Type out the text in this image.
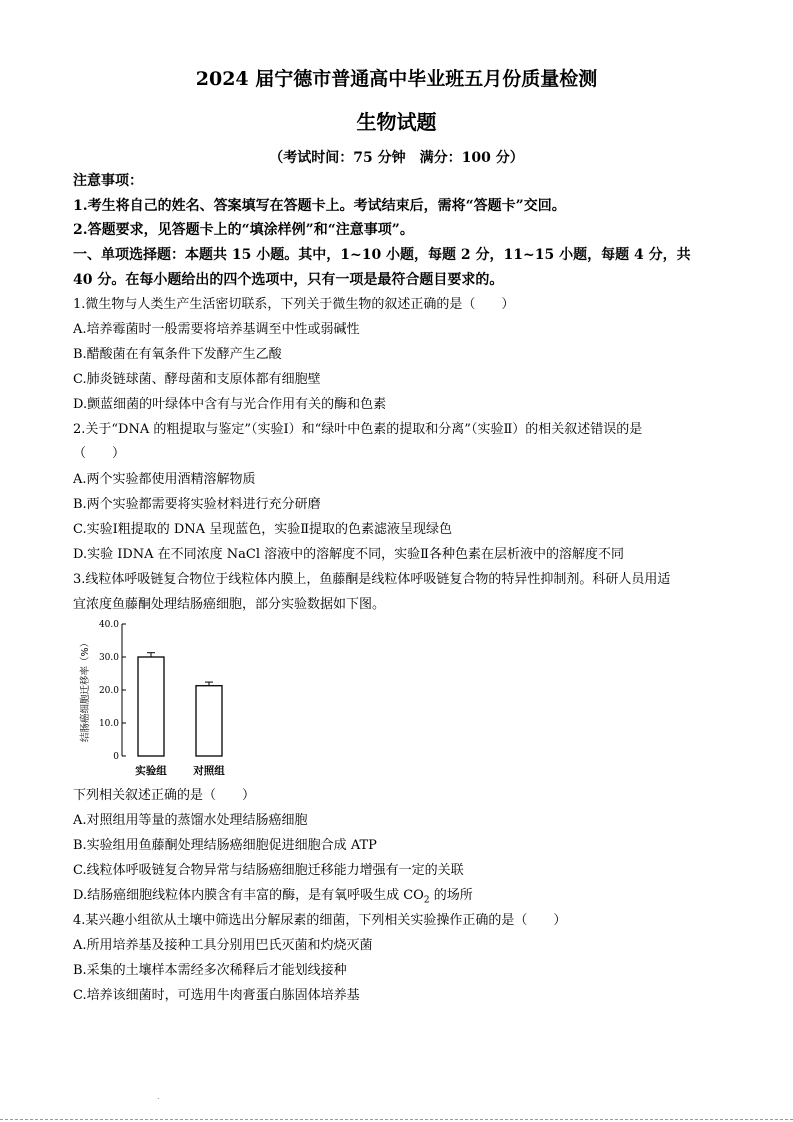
2024 届宁德市普通高中毕业班五月份质量检测
生物试题
（考试时间：75 分钟　满分：100 分）
注意事项：
1.考生将自己的姓名、答案填写在答题卡上。考试结束后，需将“答题卡”交回。
2.答题要求，见答题卡上的“填涂样例”和“注意事项”。
一、单项选择题：本题共 15 小题。其中，1~10 小题，每题 2 分，11~15 小题，每题 4 分，共
40 分。在每小题给出的四个选项中，只有一项是最符合题目要求的。
1.微生物与人类生产生活密切联系，下列关于微生物的叙述正确的是（　　）
A.培养霉菌时一般需要将培养基调至中性或弱碱性
B.醋酸菌在有氧条件下发酵产生乙酸
C.肺炎链球菌、酵母菌和支原体都有细胞壁
D.颤蓝细菌的叶绿体中含有与光合作用有关的酶和色素
2.关于“DNA 的粗提取与鉴定”（实验Ⅰ）和“绿叶中色素的提取和分离”（实验Ⅱ）的相关叙述错误的是
（　　）
A.两个实验都使用酒精溶解物质
B.两个实验都需要将实验材料进行充分研磨
C.实验Ⅰ粗提取的 DNA 呈现蓝色，实验Ⅱ提取的色素滤液呈现绿色
D.实验 IDNA 在不同浓度 NaCl 溶液中的溶解度不同，实验Ⅱ各种色素在层析液中的溶解度不同
3.线粒体呼吸链复合物位于线粒体内膜上，鱼藤酮是线粒体呼吸链复合物的特异性抑制剂。科研人员用适
宜浓度鱼藤酮处理结肠癌细胞，部分实验数据如下图。
0
10.0
20.0
30.0
40.0
结肠癌细胞迁移率（%）
实验组	对照组
下列相关叙述正确的是（　　）
A.对照组用等量的蒸馏水处理结肠癌细胞
B.实验组用鱼藤酮处理结肠癌细胞促进细胞合成 ATP
C.线粒体呼吸链复合物异常与结肠癌细胞迁移能力增强有一定的关联
D.结肠癌细胞线粒体内膜含有丰富的酶，是有氧呼吸生成 $CO_2$ 的场所
4.某兴趣小组欲从土壤中筛选出分解尿素的细菌，下列相关实验操作正确的是（　　）
A.所用培养基及接种工具分别用巴氏灭菌和灼烧灭菌
B.采集的土壤样本需经多次稀释后才能划线接种
C.培养该细菌时，可选用牛肉膏蛋白胨固体培养基
.
